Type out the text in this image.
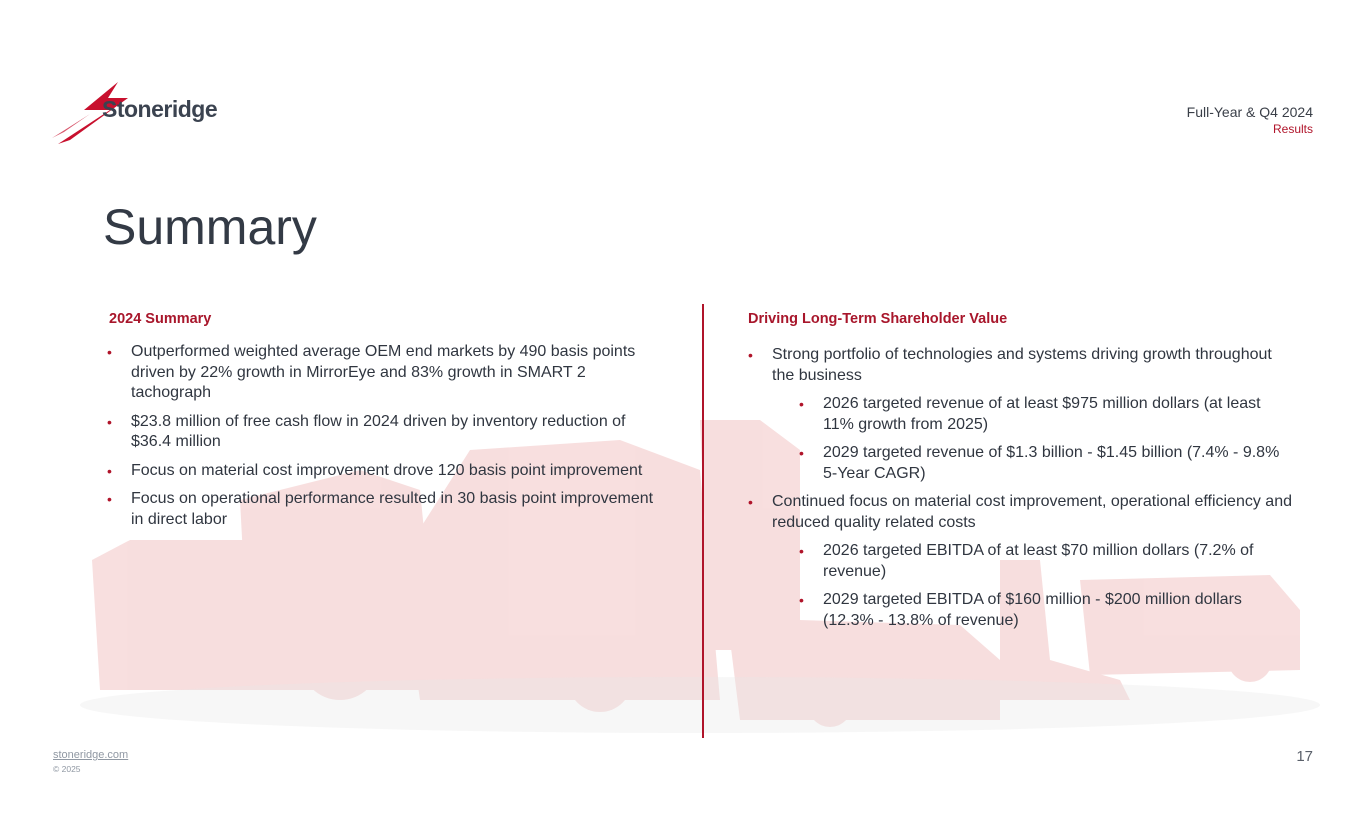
Stoneridge	Full-Year & Q4 2024
Results
Summary
2024 Summary
• Outperformed weighted average OEM end markets by 490 basis points driven by 22% growth in MirrorEye and 83% growth in SMART 2 tachograph
• $23.8 million of free cash flow in 2024 driven by inventory reduction of $36.4 million
• Focus on material cost improvement drove 120 basis point improvement
• Focus on operational performance resulted in 30 basis point improvement in direct labor
Driving Long-Term Shareholder Value
• Strong portfolio of technologies and systems driving growth throughout the business
• 2026 targeted revenue of at least $975 million dollars (at least 11% growth from 2025)
• 2029 targeted revenue of $1.3 billion - $1.45 billion (7.4% - 9.8% 5-Year CAGR)
• Continued focus on material cost improvement, operational efficiency and reduced quality related costs
• 2026 targeted EBITDA of at least $70 million dollars (7.2% of revenue)
• 2029 targeted EBITDA of $160 million - $200 million dollars (12.3% - 13.8% of revenue)
stoneridge.com
© 2025
17
